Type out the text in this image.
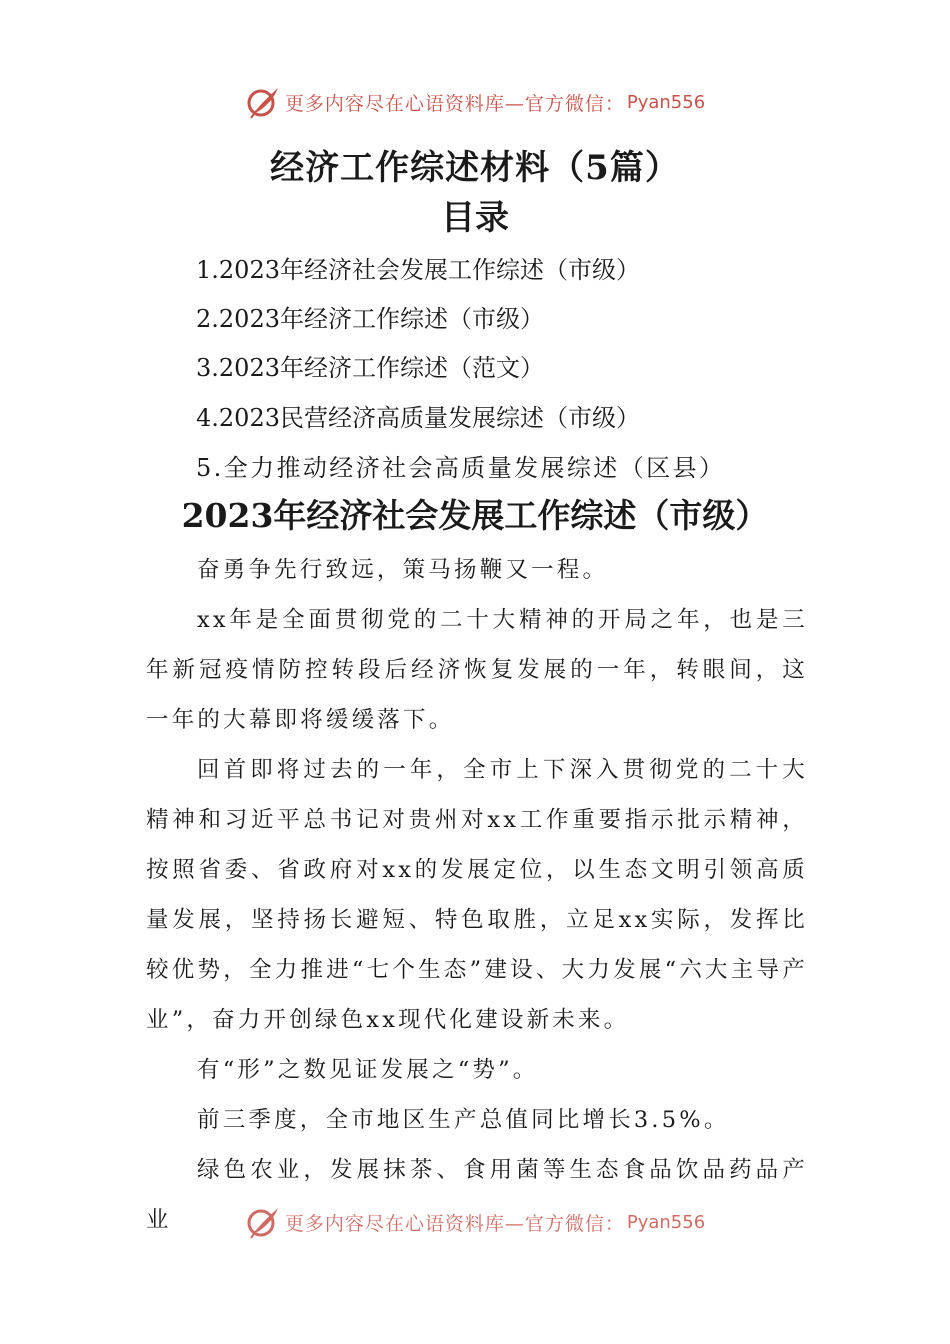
更多内容尽在心语资料库—官方微信： Pyan556
经济工作综述材料（5篇）
目录

1.2023年经济社会发展工作综述（市级）

2.2023年经济工作综述（市级）

3.2023年经济工作综述（范文）

4.2023民营经济高质量发展综述（市级）

5.全力推动经济社会高质量发展综述（区县）

2023年经济社会发展工作综述（市级）

奋勇争先行致远，策马扬鞭又一程。

xx年是全面贯彻党的二十大精神的开局之年，也是三年新冠疫情防控转段后经济恢复发展的一年，转眼间，这一年的大幕即将缓缓落下。

回首即将过去的一年，全市上下深入贯彻党的二十大精神和习近平总书记对贵州对xx工作重要指示批示精神，按照省委、省政府对xx的发展定位，以生态文明引领高质量发展，坚持扬长避短、特色取胜，立足xx实际，发挥比较优势，全力推进“七个生态”建设、大力发展“六大主导产业”，奋力开创绿色xx现代化建设新未来。

有“形”之数见证发展之“势”。

前三季度，全市地区生产总值同比增长3.5%。

绿色农业，发展抹茶、食用菌等生态食品饮品药品产业	更多内容尽在心语资料库—官方微信： Pyan556
